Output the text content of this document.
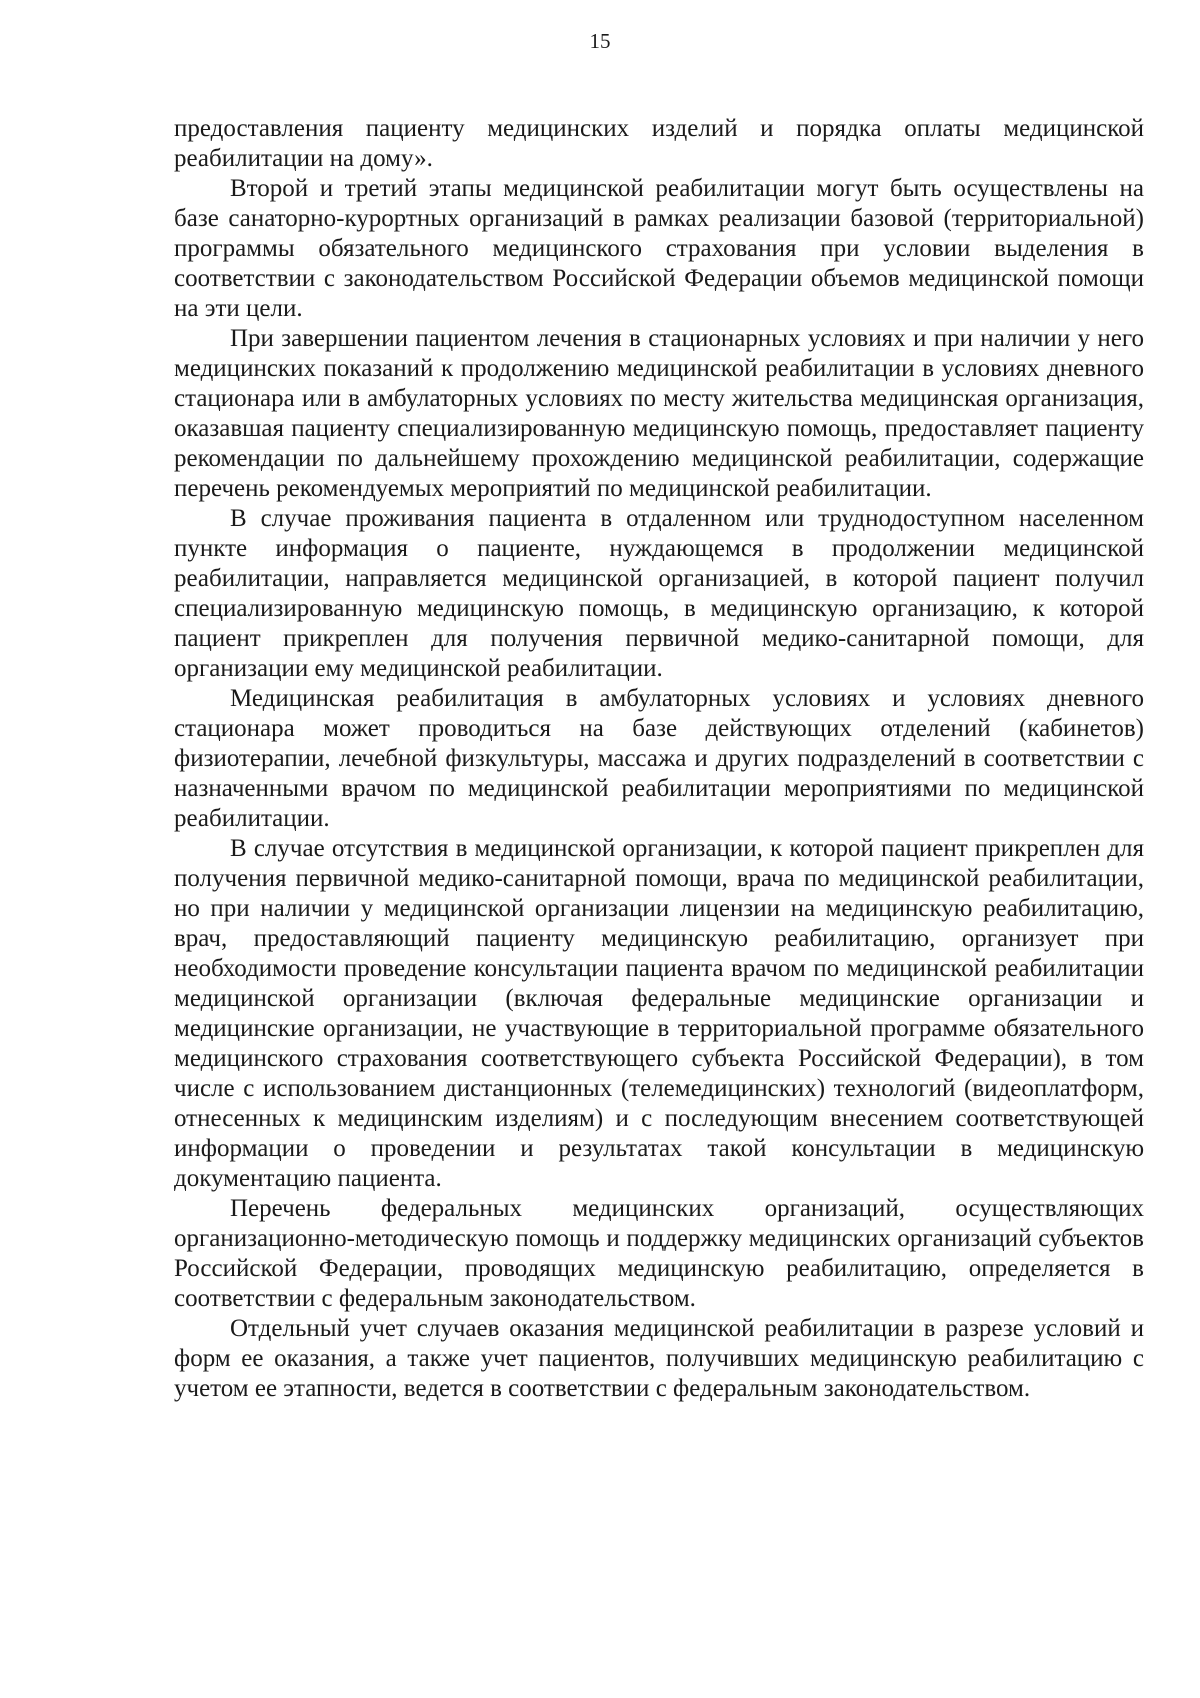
15

предоставления пациенту медицинских изделий и порядка оплаты медицинской реабилитации на дому».

Второй и третий этапы медицинской реабилитации могут быть осуществлены на базе санаторно-курортных организаций в рамках реализации базовой (территориальной) программы обязательного медицинского страхования при условии выделения в соответствии с законодательством Российской Федерации объемов медицинской помощи на эти цели.

При завершении пациентом лечения в стационарных условиях и при наличии у него медицинских показаний к продолжению медицинской реабилитации в условиях дневного стационара или в амбулаторных условиях по месту жительства медицинская организация, оказавшая пациенту специализированную медицинскую помощь, предоставляет пациенту рекомендации по дальнейшему прохождению медицинской реабилитации, содержащие перечень рекомендуемых мероприятий по медицинской реабилитации.

В случае проживания пациента в отдаленном или труднодоступном населенном пункте информация о пациенте, нуждающемся в продолжении медицинской реабилитации, направляется медицинской организацией, в которой пациент получил специализированную медицинскую помощь, в медицинскую организацию, к которой пациент прикреплен для получения первичной медико-санитарной помощи, для организации ему медицинской реабилитации.

Медицинская реабилитация в амбулаторных условиях и условиях дневного стационара может проводиться на базе действующих отделений (кабинетов) физиотерапии, лечебной физкультуры, массажа и других подразделений в соответствии с назначенными врачом по медицинской реабилитации мероприятиями по медицинской реабилитации.

В случае отсутствия в медицинской организации, к которой пациент прикреплен для получения первичной медико-санитарной помощи, врача по медицинской реабилитации, но при наличии у медицинской организации лицензии на медицинскую реабилитацию, врач, предоставляющий пациенту медицинскую реабилитацию, организует при необходимости проведение консультации пациента врачом по медицинской реабилитации медицинской организации (включая федеральные медицинские организации и медицинские организации, не участвующие в территориальной программе обязательного медицинского страхования соответствующего субъекта Российской Федерации), в том числе с использованием дистанционных (телемедицинских) технологий (видеоплатформ, отнесенных к медицинским изделиям) и с последующим внесением соответствующей информации о проведении и результатах такой консультации в медицинскую документацию пациента.

Перечень федеральных медицинских организаций, осуществляющих организационно-методическую помощь и поддержку медицинских организаций субъектов Российской Федерации, проводящих медицинскую реабилитацию, определяется в соответствии с федеральным законодательством.

Отдельный учет случаев оказания медицинской реабилитации в разрезе условий и форм ее оказания, а также учет пациентов, получивших медицинскую реабилитацию с учетом ее этапности, ведется в соответствии с федеральным законодательством.
